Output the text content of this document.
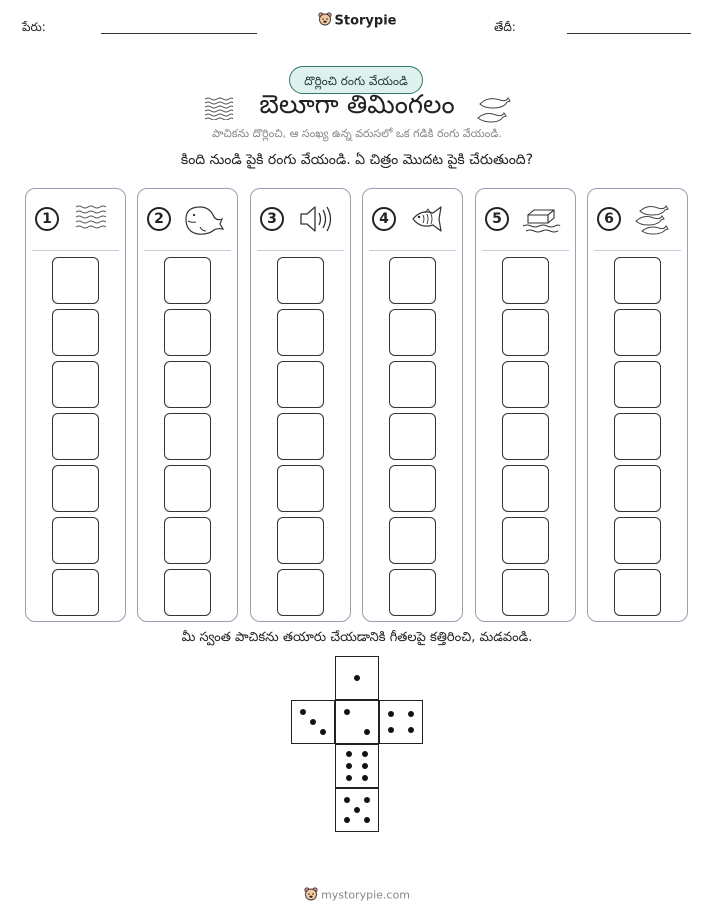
పేరు:	Storypie	తేదీ:
దొర్లించి రంగు వేయండి
బెలూగా తిమింగలం
పాచికను దొర్లించి, ఆ సంఖ్య ఉన్న వరుసలో ఒక గడికి రంగు వేయండి.
కింది నుండి పైకి రంగు వేయండి. ఏ చిత్రం మొదట పైకి చేరుతుంది?
1	2	3	4	5	6
మీ స్వంత పాచికను తయారు చేయడానికి గీతలపై కత్తిరించి, మడవండి.
mystorypie.com
